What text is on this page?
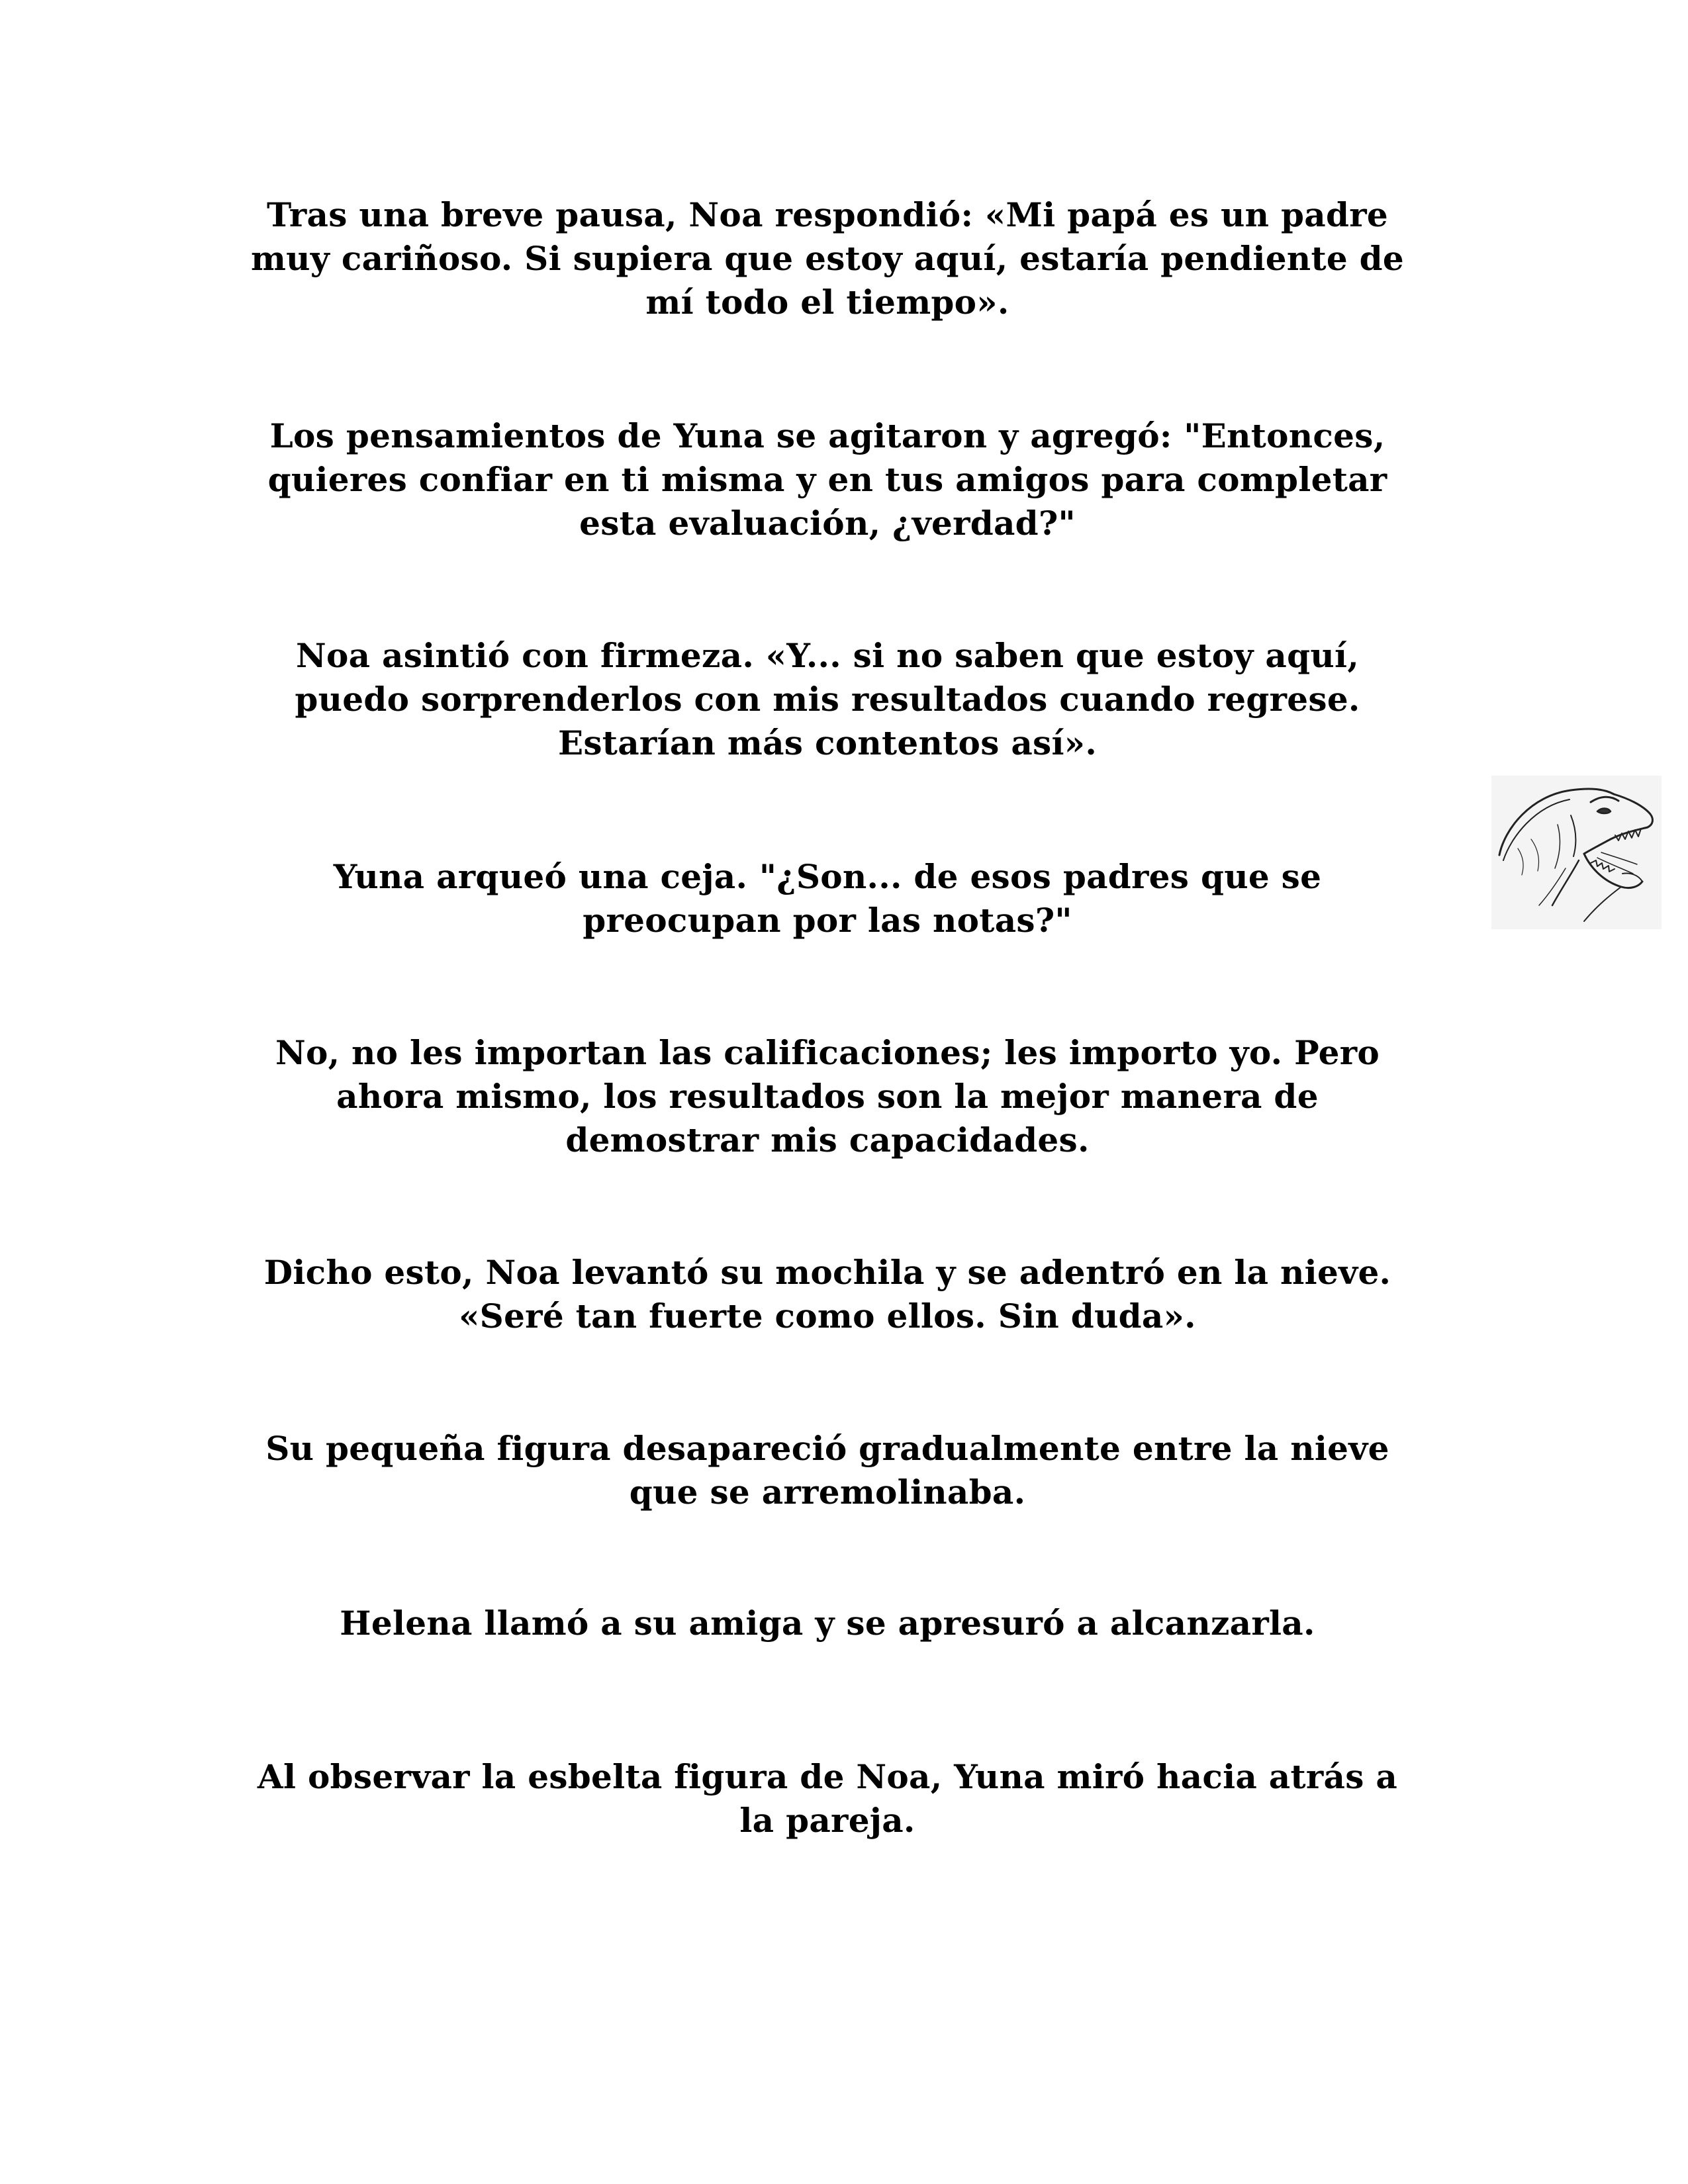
Tras una breve pausa, Noa respondió: «Mi papá es un padre
muy cariñoso. Si supiera que estoy aquí, estaría pendiente de
mí todo el tiempo».

Los pensamientos de Yuna se agitaron y agregó: "Entonces,
quieres confiar en ti misma y en tus amigos para completar
esta evaluación, ¿verdad?"

Noa asintió con firmeza. «Y... si no saben que estoy aquí,
puedo sorprenderlos con mis resultados cuando regrese.
Estarían más contentos así».

Yuna arqueó una ceja. "¿Son... de esos padres que se
preocupan por las notas?"

No, no les importan las calificaciones; les importo yo. Pero
ahora mismo, los resultados son la mejor manera de
demostrar mis capacidades.

Dicho esto, Noa levantó su mochila y se adentró en la nieve.
«Seré tan fuerte como ellos. Sin duda».

Su pequeña figura desapareció gradualmente entre la nieve
que se arremolinaba.

Helena llamó a su amiga y se apresuró a alcanzarla.

Al observar la esbelta figura de Noa, Yuna miró hacia atrás a
la pareja.
